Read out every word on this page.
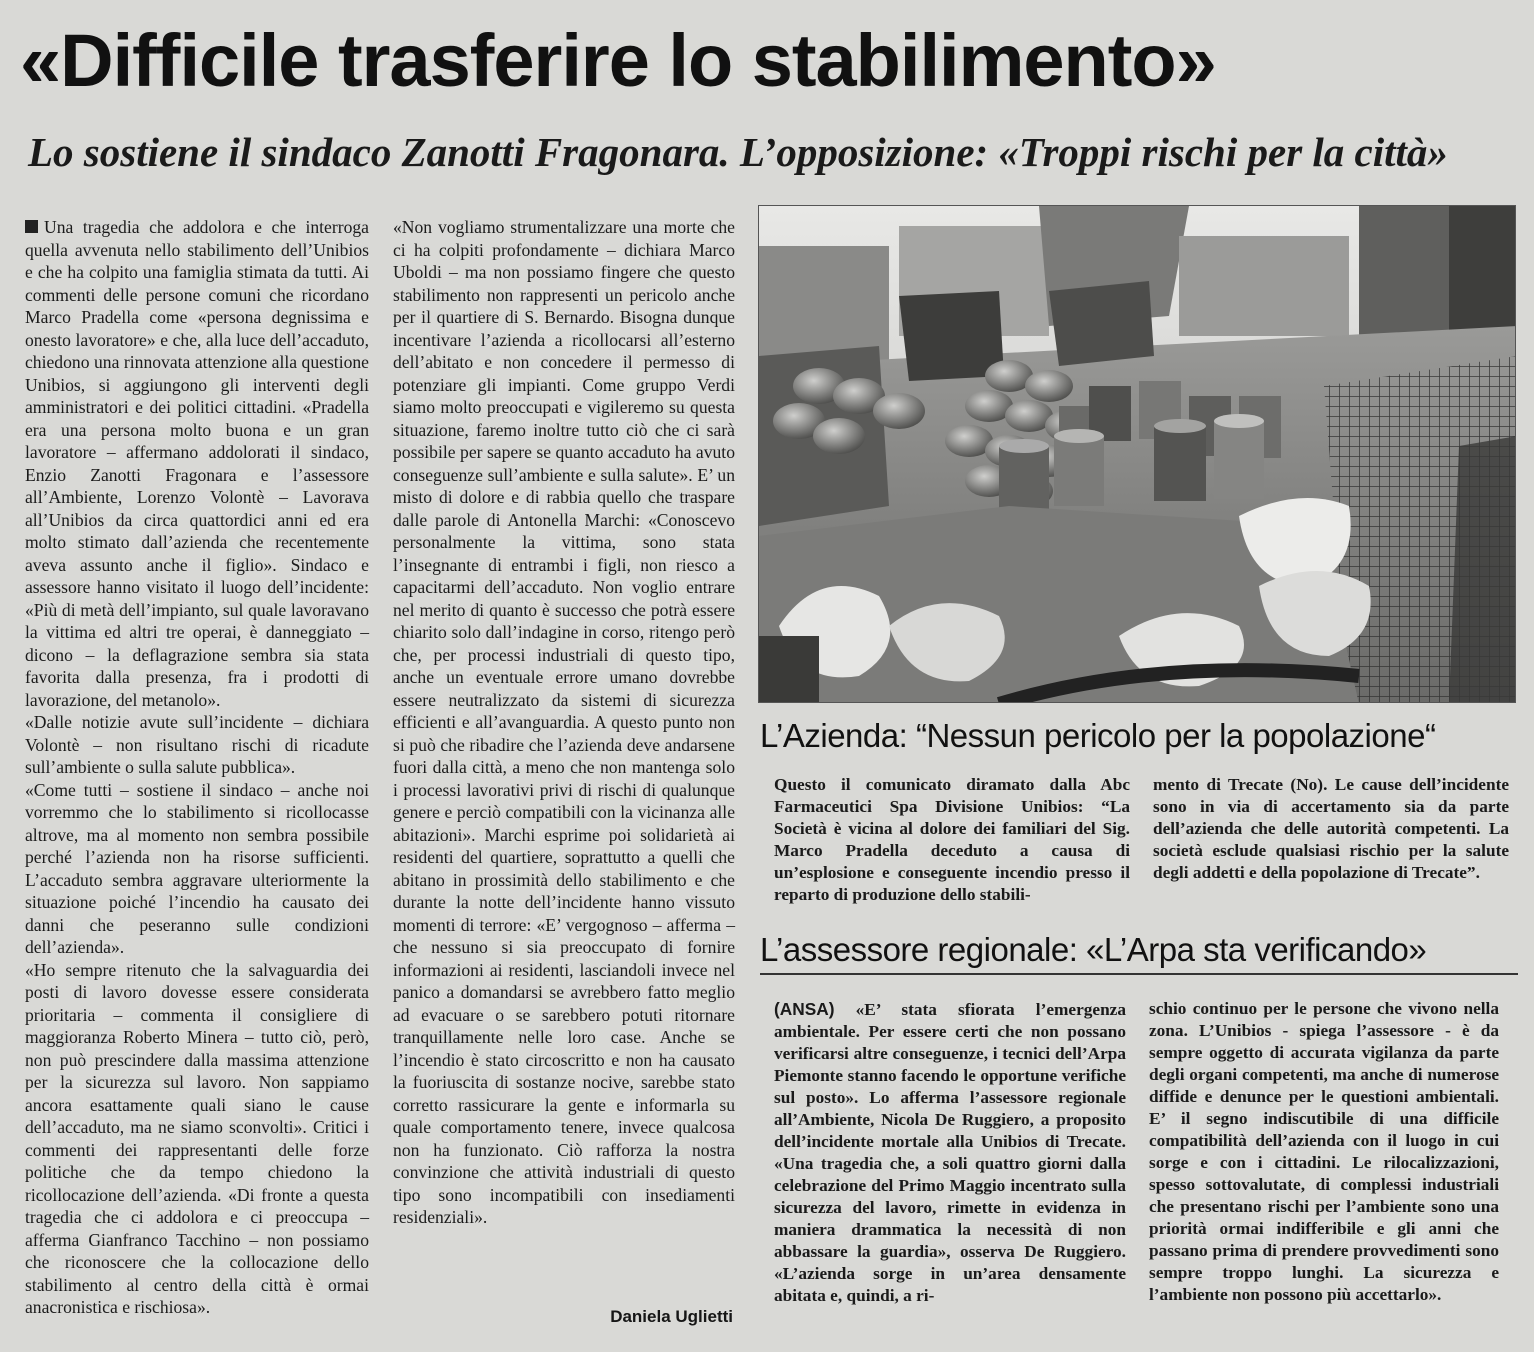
«Difficile trasferire lo stabilimento»
Lo sostiene il sindaco Zanotti Fragonara. L’opposizione: «Troppi rischi per la città»

Una tragedia che addolora e che interroga quella avvenuta nello stabilimento dell’Unibios e che ha colpito una famiglia stimata da tutti. Ai commenti delle persone comuni che ricordano Marco Pradella come «persona degnissima e onesto lavoratore» e che, alla luce dell’accaduto, chiedono una rinnovata attenzione alla questione Unibios, si aggiungono gli interventi degli amministratori e dei politici cittadini. «Pradella era una persona molto buona e un gran lavoratore – affermano addolorati il sindaco, Enzio Zanotti Fragonara e l’assessore all’Ambiente, Lorenzo Volontè – Lavorava all’Unibios da circa quattordici anni ed era molto stimato dall’azienda che recentemente aveva assunto anche il figlio». Sindaco e assessore hanno visitato il luogo dell’incidente: «Più di metà dell’impianto, sul quale lavoravano la vittima ed altri tre operai, è danneggiato – dicono – la deflagrazione sembra sia stata favorita dalla presenza, fra i prodotti di lavorazione, del metanolo».

«Dalle notizie avute sull’incidente – dichiara Volontè – non risultano rischi di ricadute sull’ambiente o sulla salute pubblica».

«Come tutti – sostiene il sindaco – anche noi vorremmo che lo stabilimento si ricollocasse altrove, ma al momento non sembra possibile perché l’azienda non ha risorse sufficienti. L’accaduto sembra aggravare ulteriormente la situazione poiché l’incendio ha causato dei danni che peseranno sulle condizioni dell’azienda».

«Ho sempre ritenuto che la salvaguardia dei posti di lavoro dovesse essere considerata prioritaria – commenta il consigliere di maggioranza Roberto Minera – tutto ciò, però, non può prescindere dalla massima attenzione per la sicurezza sul lavoro. Non sappiamo ancora esattamente quali siano le cause dell’accaduto, ma ne siamo sconvolti». Critici i commenti dei rappresentanti delle forze politiche che da tempo chiedono la ricollocazione dell’azienda. «Di fronte a questa tragedia che ci addolora e ci preoccupa – afferma Gianfranco Tacchino – non possiamo che riconoscere che la collocazione dello stabilimento al centro della città è ormai anacronistica e rischiosa».

«Non vogliamo strumentalizzare una morte che ci ha colpiti profondamente – dichiara Marco Uboldi – ma non possiamo fingere che questo stabilimento non rappresenti un pericolo anche per il quartiere di S. Bernardo. Bisogna dunque incentivare l’azienda a ricollocarsi all’esterno dell’abitato e non concedere il permesso di potenziare gli impianti. Come gruppo Verdi siamo molto preoccupati e vigileremo su questa situazione, faremo inoltre tutto ciò che ci sarà possibile per sapere se quanto accaduto ha avuto conseguenze sull’ambiente e sulla salute». E’ un misto di dolore e di rabbia quello che traspare dalle parole di Antonella Marchi: «Conoscevo personalmente la vittima, sono stata l’insegnante di entrambi i figli, non riesco a capacitarmi dell’accaduto. Non voglio entrare nel merito di quanto è successo che potrà essere chiarito solo dall’indagine in corso, ritengo però che, per processi industriali di questo tipo, anche un eventuale errore umano dovrebbe essere neutralizzato da sistemi di sicurezza efficienti e all’avanguardia. A questo punto non si può che ribadire che l’azienda deve andarsene fuori dalla città, a meno che non mantenga solo i processi lavorativi privi di rischi di qualunque genere e perciò compatibili con la vicinanza alle abitazioni». Marchi esprime poi solidarietà ai residenti del quartiere, soprattutto a quelli che abitano in prossimità dello stabilimento e che durante la notte dell’incidente hanno vissuto momenti di terrore: «E’ vergognoso – afferma – che nessuno si sia preoccupato di fornire informazioni ai residenti, lasciandoli invece nel panico a domandarsi se avrebbero fatto meglio ad evacuare o se sarebbero potuti ritornare tranquillamente nelle loro case. Anche se l’incendio è stato circoscritto e non ha causato la fuoriuscita di sostanze nocive, sarebbe stato corretto rassicurare la gente e informarla su quale comportamento tenere, invece qualcosa non ha funzionato. Ciò rafforza la nostra convinzione che attività industriali di questo tipo sono incompatibili con insediamenti residenziali».

Daniela Uglietti
L’Azienda: “Nessun pericolo per la popolazione“
Questo il comunicato diramato dalla Abc Farmaceutici Spa Divisione Unibios: “La Società è vicina al dolore dei familiari del Sig. Marco Pradella deceduto a causa di un’esplosione e conseguente incendio presso il reparto di produzione dello stabili-
mento di Trecate (No). Le cause dell’incidente sono in via di accertamento sia da parte dell’azienda che delle autorità competenti. La società esclude qualsiasi rischio per la salute degli addetti e della popolazione di Trecate”.
L’assessore regionale: «L’Arpa sta verificando»
(ANSA) «E’ stata sfiorata l’emergenza ambientale. Per essere certi che non possano verificarsi altre conseguenze, i tecnici dell’Arpa Piemonte stanno facendo le opportune verifiche sul posto». Lo afferma l’assessore regionale all’Ambiente, Nicola De Ruggiero, a proposito dell’incidente mortale alla Unibios di Trecate. «Una tragedia che, a soli quattro giorni dalla celebrazione del Primo Maggio incentrato sulla sicurezza del lavoro, rimette in evidenza in maniera drammatica la necessità di non abbassare la guardia», osserva De Ruggiero. «L’azienda sorge in un’area densamente abitata e, quindi, a ri-
schio continuo per le persone che vivono nella zona. L’Unibios - spiega l’assessore - è da sempre oggetto di accurata vigilanza da parte degli organi competenti, ma anche di numerose diffide e denunce per le questioni ambientali. E’ il segno indiscutibile di una difficile compatibilità dell’azienda con il luogo in cui sorge e con i cittadini. Le rilocalizzazioni, spesso sottovalutate, di complessi industriali che presentano rischi per l’ambiente sono una priorità ormai indifferibile e gli anni che passano prima di prendere provvedimenti sono sempre troppo lunghi. La sicurezza e l’ambiente non possono più accettarlo».
